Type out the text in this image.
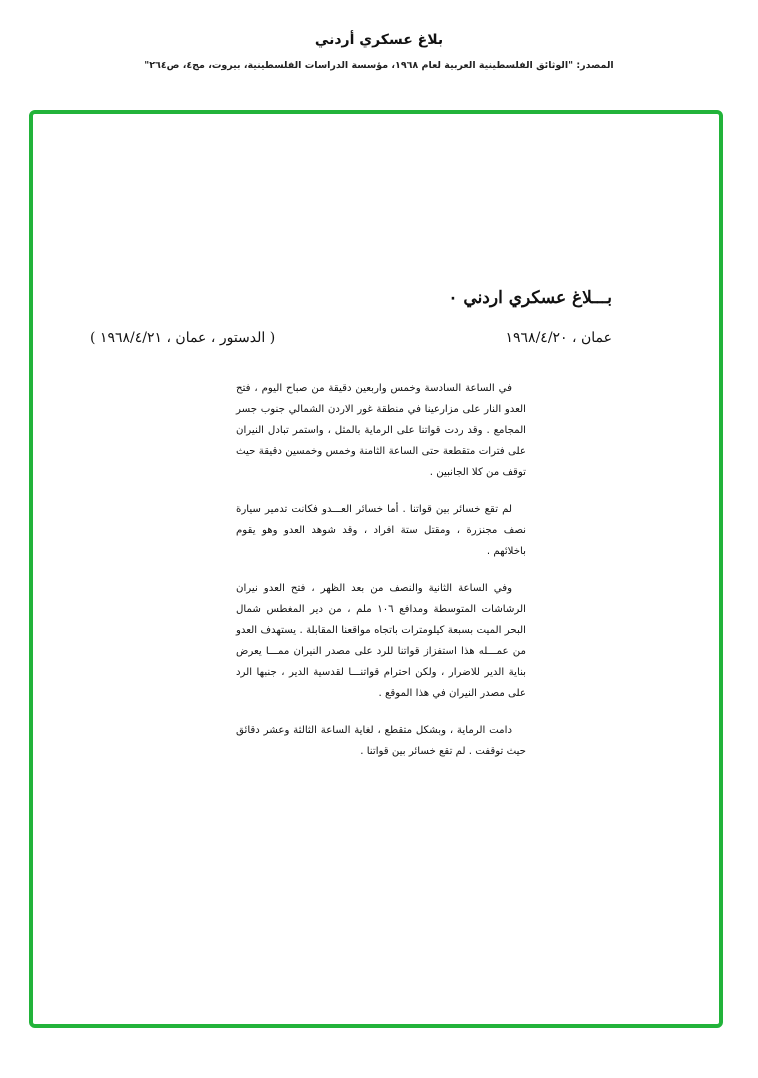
بلاغ عسكري أردني
المصدر: "الوثائق الفلسطينية العربية لعام ١٩٦٨، مؤسسة الدراسات الفلسطينية، بيروت، مج٤، ص٢٦٤"
بـــلاغ عسكري اردني ٠
عمان ، ١٩٦٨/٤/٢٠
( الدستور ، عمان ، ١٩٦٨/٤/٢١ )

في الساعة السادسة وخمس واربعين دقيقة من صباح اليوم ، فتح العدو النار على مزارعينا في منطقة غور الاردن الشمالي جنوب جسر المجامع . وقد ردت قواتنا على الرماية بالمثل ، واستمر تبادل النيران على فترات متقطعة حتى الساعة الثامنة وخمس وخمسين دقيقة حيث توقف من كلا الجانبين .

لم تقع خسائر بين قواتنا . أما خسائر العـــدو فكانت تدمير سيارة نصف مجنزرة ، ومقتل ستة افراد ، وقد شوهد العدو وهو يقوم باخلائهم .

وفي الساعة الثانية والنصف من بعد الظهر ، فتح العدو نيران الرشاشات المتوسطة ومدافع ١٠٦ ملم ، من دير المغطس شمال البحر الميت بسبعة كيلومترات باتجاه مواقعنا المقابلة . يستهدف العدو من عمـــله هذا استفزاز قواتنا للرد على مصدر النيران ممـــا يعرض بناية الدير للاضرار ، ولكن احترام قواتنـــا لقدسية الدير ، جنبها الرد على مصدر النيران في هذا الموقع .

دامت الرماية ، وبشكل متقطع ، لغاية الساعة الثالثة وعشر دقائق حيث توقفت . لم تقع خسائر بين قواتنا .
